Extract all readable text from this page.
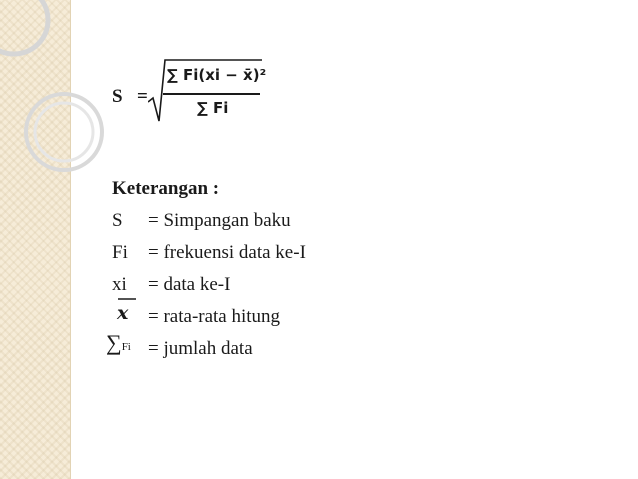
S =
∑ Fi(xi − x̄)²
∑ Fi
Keterangan :
S = Simpangan baku
Fi = frekuensi data ke-I
xi = data ke-I
= rata-rata hitung
x
= jumlah data
∑Fi
